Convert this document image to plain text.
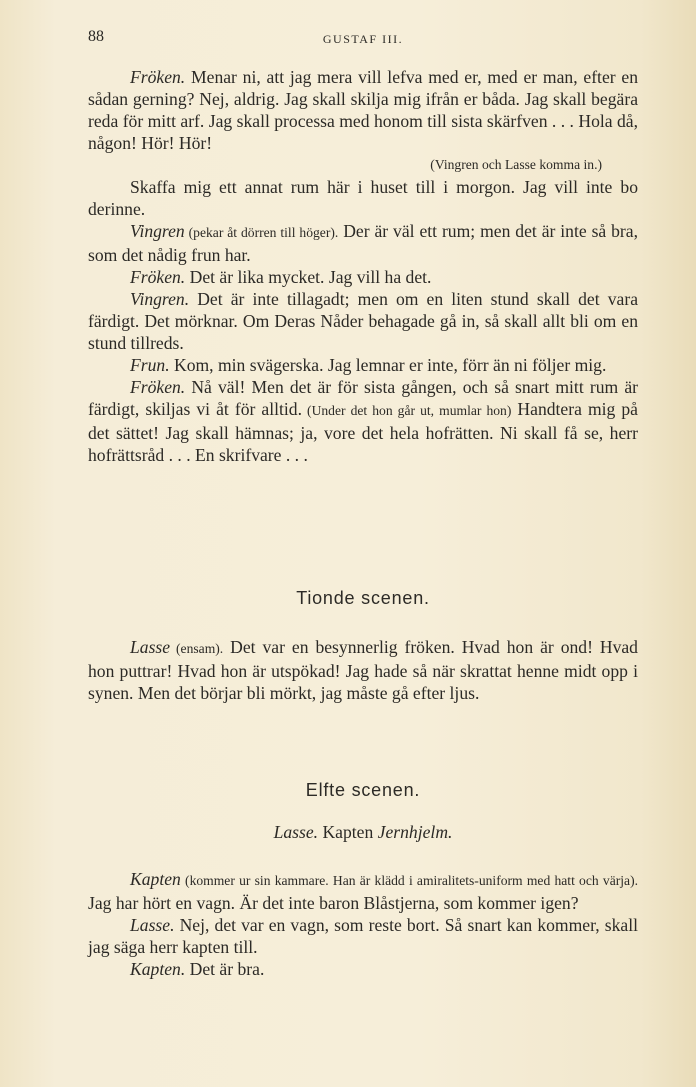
88	GUSTAF III.

Fröken. Menar ni, att jag mera vill lefva med er, med er man, efter en sådan gerning? Nej, aldrig. Jag skall skilja mig ifrån er båda. Jag skall begära reda för mitt arf. Jag skall processa med honom till sista skärfven . . . Hola då, någon! Hör! Hör!

(Vingren och Lasse komma in.)

Skaffa mig ett annat rum här i huset till i morgon. Jag vill inte bo derinne.

Vingren (pekar åt dörren till höger). Der är väl ett rum; men det är inte så bra, som det nådig frun har.

Fröken. Det är lika mycket. Jag vill ha det.

Vingren. Det är inte tillagadt; men om en liten stund skall det vara färdigt. Det mörknar. Om Deras Nåder behagade gå in, så skall allt bli om en stund tillreds.

Frun. Kom, min svägerska. Jag lemnar er inte, förr än ni följer mig.

Fröken. Nå väl! Men det är för sista gången, och så snart mitt rum är färdigt, skiljas vi åt för alltid. (Under det hon går ut, mumlar hon) Handtera mig på det sättet! Jag skall hämnas; ja, vore det hela hofrätten. Ni skall få se, herr hofrättsråd . . . En skrifvare . . .

Tionde scenen.

Lasse (ensam). Det var en besynnerlig fröken. Hvad hon är ond! Hvad hon puttrar! Hvad hon är utspökad! Jag hade så när skrattat henne midt opp i synen. Men det börjar bli mörkt, jag måste gå efter ljus.

Elfte scenen.
Lasse. Kapten Jernhjelm.

Kapten (kommer ur sin kammare. Han är klädd i amiralitets-uniform med hatt och värja). Jag har hört en vagn. Är det inte baron Blåstjerna, som kommer igen?

Lasse. Nej, det var en vagn, som reste bort. Så snart kan kommer, skall jag säga herr kapten till.

Kapten. Det är bra.
